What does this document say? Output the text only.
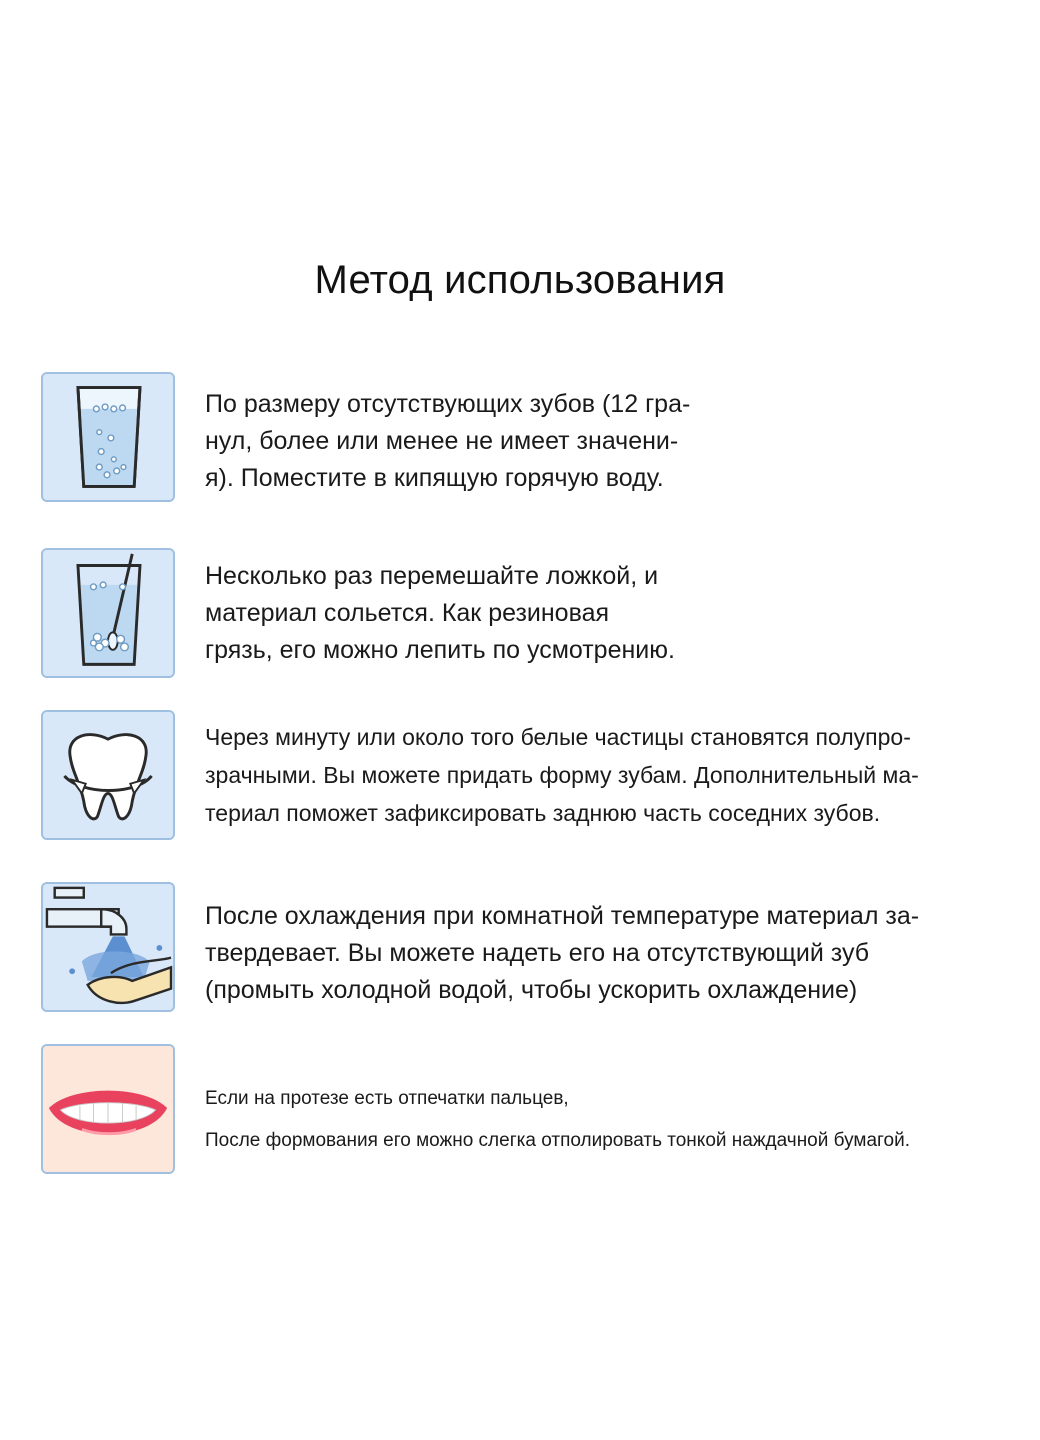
Метод использования
По размеру отсутствующих зубов (12 гра-
нул, более или менее не имеет значени-
я). Поместите в кипящую горячую воду.
Несколько раз перемешайте ложкой, и
материал сольется. Как резиновая
грязь, его можно лепить по усмотрению.
Через минуту или около того белые частицы становятся полупро-
зрачными. Вы можете придать форму зубам. Дополнительный ма-
териал поможет зафиксировать заднюю часть соседних зубов.
После охлаждения при комнатной температуре материал за-
твердевает. Вы можете надеть его на отсутствующий зуб
(промыть холодной водой, чтобы ускорить охлаждение)
Если на протезе есть отпечатки пальцев,
После формования его можно слегка отполировать тонкой наждачной бумагой.
